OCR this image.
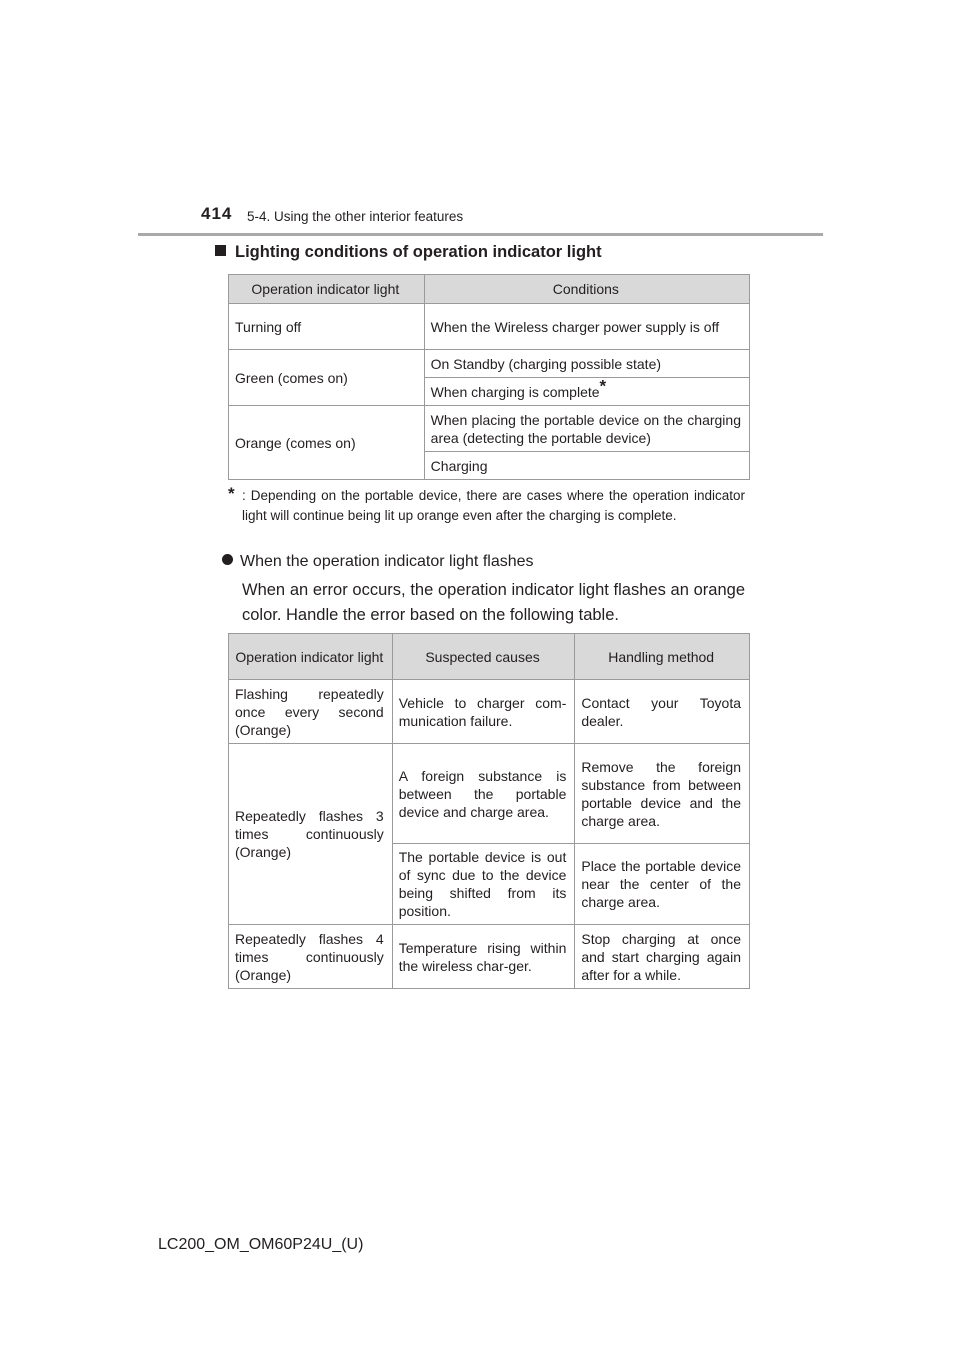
414 5-4. Using the other interior features
Lighting conditions of operation indicator light
Operation indicator light	Conditions
Turning off	When the Wireless charger power supply is off
Green (comes on)	On Standby (charging possible state)
	When charging is complete*
Orange (comes on)	When placing the portable device on the charging area (detecting the portable device)
	Charging
* : Depending on the portable device, there are cases where the operation indicator light will continue being lit up orange even after the charging is complete.
When the operation indicator light flashes
When an error occurs, the operation indicator light flashes an orange color. Handle the error based on the following table.
Operation indicator light	Suspected causes	Handling method
Flashing repeatedly once every second (Orange)	Vehicle to charger com-munication failure.	Contact your Toyota dealer.
Repeatedly flashes 3 times continuously (Orange)	A foreign substance is between the portable device and charge area.	Remove the foreign substance from between portable device and the charge area.
	The portable device is out of sync due to the device being shifted from its position.	Place the portable device near the center of the charge area.
Repeatedly flashes 4 times continuously (Orange)	Temperature rising within the wireless char-ger.	Stop charging at once and start charging again after for a while.
LC200_OM_OM60P24U_(U)
